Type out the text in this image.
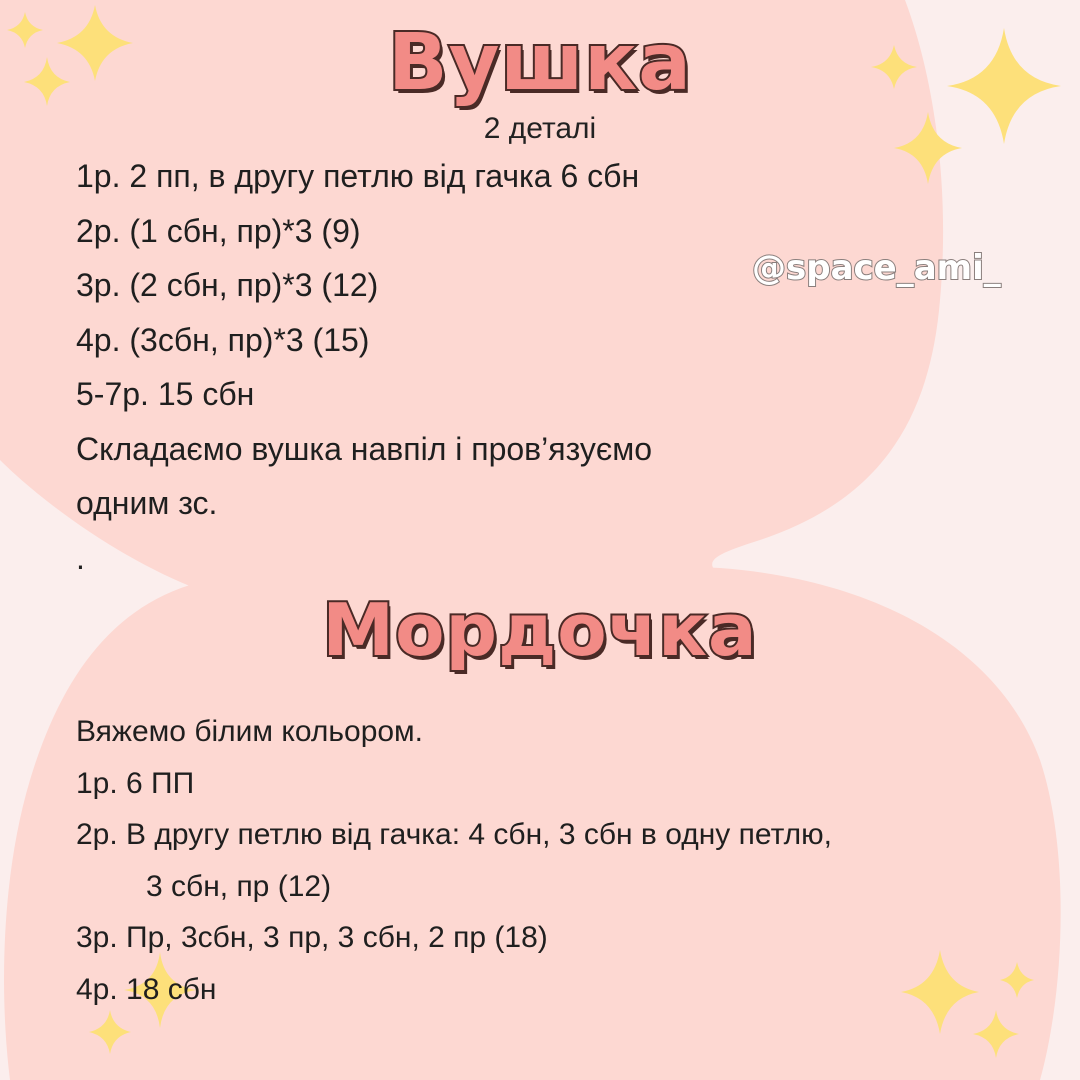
Вушка
2 деталі
1р. 2 пп, в другу петлю від гачка 6 сбн
2р. (1 сбн, пр)*3 (9)
3р. (2 сбн, пр)*3 (12)
4р. (3сбн, пр)*3 (15)
5-7р. 15 сбн
Складаємо вушка навпіл і пров’язуємо
одним зс.
.
@space_ami_
Мордочка
Вяжемо білим кольором.
1р. 6 ПП
2р. В другу петлю від гачка: 4 сбн, 3 сбн в одну петлю,
3 сбн, пр (12)
3р. Пр, 3сбн, 3 пр, 3 сбн, 2 пр (18)
4р. 18 сбн
